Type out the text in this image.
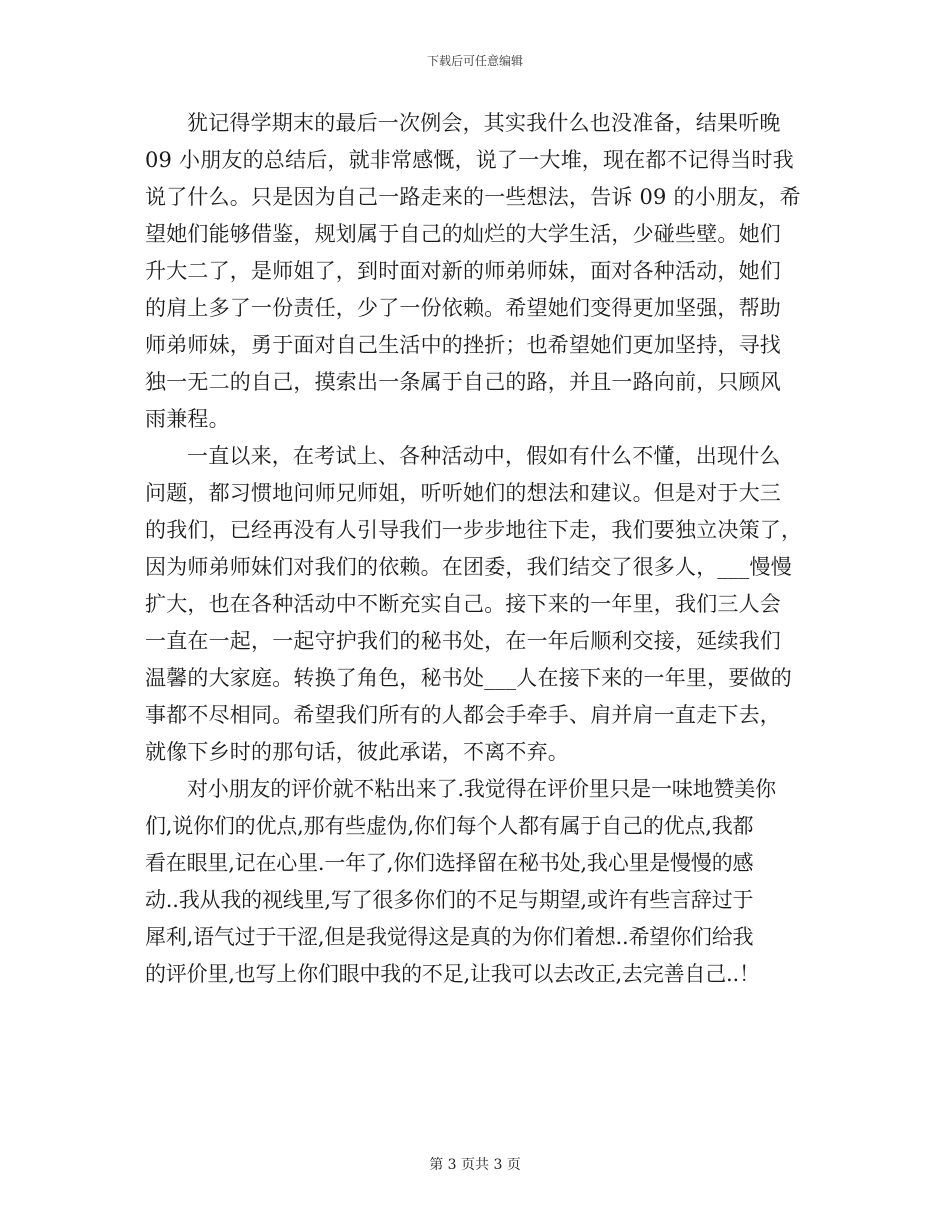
下载后可任意编辑

犹记得学期末的最后一次例会，其实我什么也没准备，结果听晚
09 小朋友的总结后，就非常感慨，说了一大堆，现在都不记得当时我
说了什么。只是因为自己一路走来的一些想法，告诉 09 的小朋友，希
望她们能够借鉴，规划属于自己的灿烂的大学生活，少碰些壁。她们
升大二了，是师姐了，到时面对新的师弟师妹，面对各种活动，她们
的肩上多了一份责任，少了一份依赖。希望她们变得更加坚强，帮助
师弟师妹，勇于面对自己生活中的挫折；也希望她们更加坚持，寻找
独一无二的自己，摸索出一条属于自己的路，并且一路向前，只顾风
雨兼程。

一直以来，在考试上、各种活动中，假如有什么不懂，出现什么
问题，都习惯地问师兄师姐，听听她们的想法和建议。但是对于大三
的我们，已经再没有人引导我们一步步地往下走，我们要独立决策了，
因为师弟师妹们对我们的依赖。在团委，我们结交了很多人，___慢慢
扩大，也在各种活动中不断充实自己。接下来的一年里，我们三人会
一直在一起，一起守护我们的秘书处，在一年后顺利交接，延续我们
温馨的大家庭。转换了角色，秘书处___人在接下来的一年里，要做的
事都不尽相同。希望我们所有的人都会手牵手、肩并肩一直走下去，
就像下乡时的那句话，彼此承诺，不离不弃。

对小朋友的评价就不粘出来了.我觉得在评价里只是一味地赞美你
们,说你们的优点,那有些虚伪,你们每个人都有属于自己的优点,我都
看在眼里,记在心里.一年了,你们选择留在秘书处,我心里是慢慢的感
动..我从我的视线里,写了很多你们的不足与期望,或许有些言辞过于
犀利,语气过于干涩,但是我觉得这是真的为你们着想..希望你们给我
的评价里,也写上你们眼中我的不足,让我可以去改正,去完善自己..！

第 3 页共 3 页
